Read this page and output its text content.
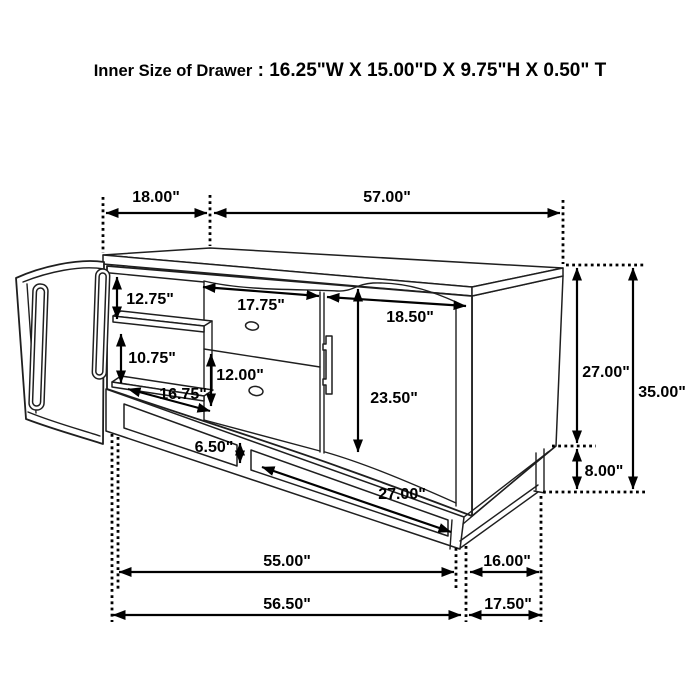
Inner Size of Drawer : 16.25"W X 15.00"D X 9.75"H X 0.50" T
18.00"	57.00"
12.75"
10.75"
17.75"
18.50"
12.00"
16.75"	23.50"
27.00"
35.00"
8.00"
6.50"
27.00"
55.00"	16.00"
56.50"	17.50"
